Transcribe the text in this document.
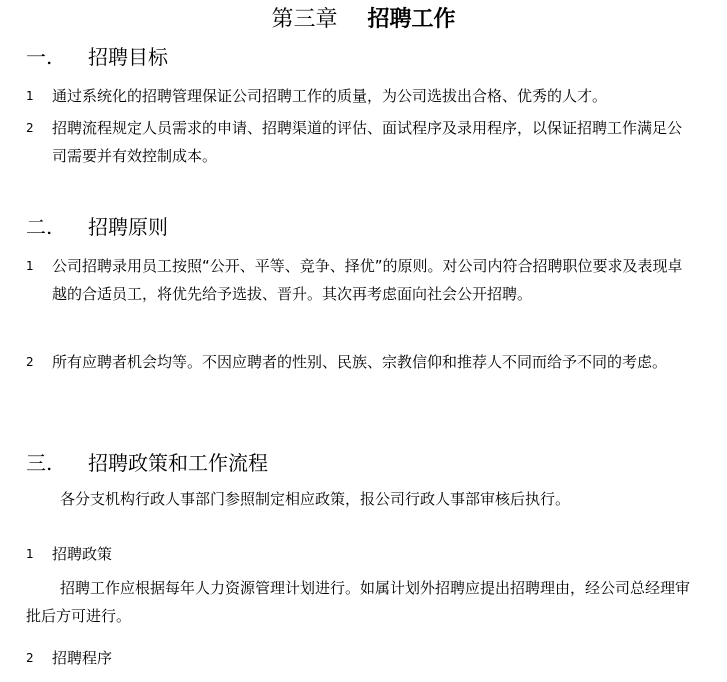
第三章 招聘工作
一. 招聘目标
1	通过系统化的招聘管理保证公司招聘工作的质量，为公司选拔出合格、优秀的人才。
2	招聘流程规定人员需求的申请、招聘渠道的评估、面试程序及录用程序，以保证招聘工作满足公司需要并有效控制成本。
二. 招聘原则
1	公司招聘录用员工按照“公开、平等、竞争、择优”的原则。对公司内符合招聘职位要求及表现卓越的合适员工，将优先给予选拔、晋升。其次再考虑面向社会公开招聘。
2	所有应聘者机会均等。不因应聘者的性别、民族、宗教信仰和推荐人不同而给予不同的考虑。
三. 招聘政策和工作流程
各分支机构行政人事部门参照制定相应政策，报公司行政人事部审核后执行。
1	招聘政策
招聘工作应根据每年人力资源管理计划进行。如属计划外招聘应提出招聘理由，经公司总经理审批后方可进行。
2	招聘程序
